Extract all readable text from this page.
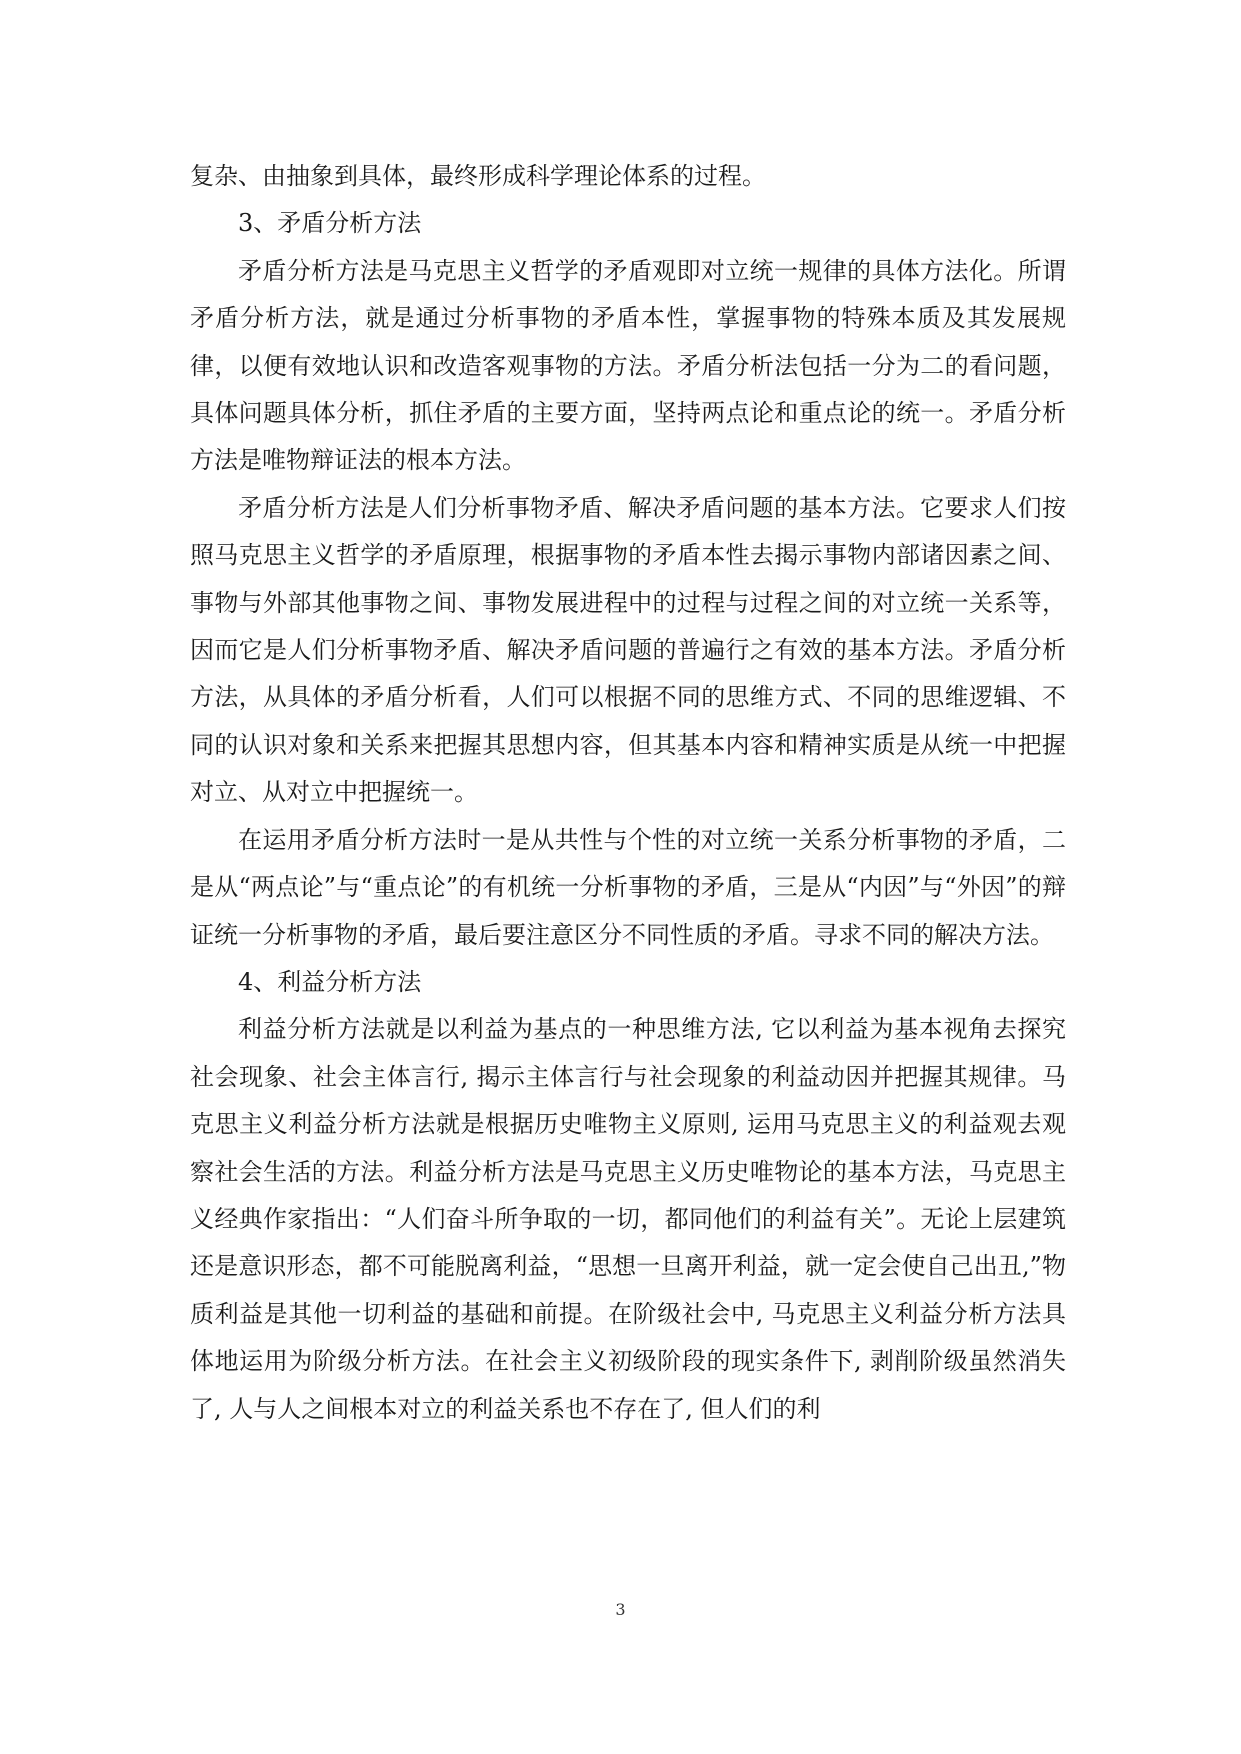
复杂、由抽象到具体，最终形成科学理论体系的过程。

3、矛盾分析方法

矛盾分析方法是马克思主义哲学的矛盾观即对立统一规律的具体方法化。所谓矛盾分析方法，就是通过分析事物的矛盾本性，掌握事物的特殊本质及其发展规律，以便有效地认识和改造客观事物的方法。矛盾分析法包括一分为二的看问题，具体问题具体分析，抓住矛盾的主要方面，坚持两点论和重点论的统一。矛盾分析方法是唯物辩证法的根本方法。

矛盾分析方法是人们分析事物矛盾、解决矛盾问题的基本方法。它要求人们按照马克思主义哲学的矛盾原理，根据事物的矛盾本性去揭示事物内部诸因素之间、事物与外部其他事物之间、事物发展进程中的过程与过程之间的对立统一关系等，因而它是人们分析事物矛盾、解决矛盾问题的普遍行之有效的基本方法。矛盾分析方法，从具体的矛盾分析看，人们可以根据不同的思维方式、不同的思维逻辑、不同的认识对象和关系来把握其思想内容，但其基本内容和精神实质是从统一中把握对立、从对立中把握统一。

在运用矛盾分析方法时一是从共性与个性的对立统一关系分析事物的矛盾，二是从“两点论”与“重点论”的有机统一分析事物的矛盾，三是从“内因”与“外因”的辩证统一分析事物的矛盾，最后要注意区分不同性质的矛盾。寻求不同的解决方法。

4、利益分析方法

利益分析方法就是以利益为基点的一种思维方法, 它以利益为基本视角去探究社会现象、社会主体言行, 揭示主体言行与社会现象的利益动因并把握其规律。马克思主义利益分析方法就是根据历史唯物主义原则, 运用马克思主义的利益观去观察社会生活的方法。利益分析方法是马克思主义历史唯物论的基本方法，马克思主义经典作家指出：“人们奋斗所争取的一切，都同他们的利益有关”。无论上层建筑还是意识形态，都不可能脱离利益，“思想一旦离开利益，就一定会使自己出丑,”物质利益是其他一切利益的基础和前提。在阶级社会中, 马克思主义利益分析方法具体地运用为阶级分析方法。在社会主义初级阶段的现实条件下, 剥削阶级虽然消失了, 人与人之间根本对立的利益关系也不存在了, 但人们的利

3
